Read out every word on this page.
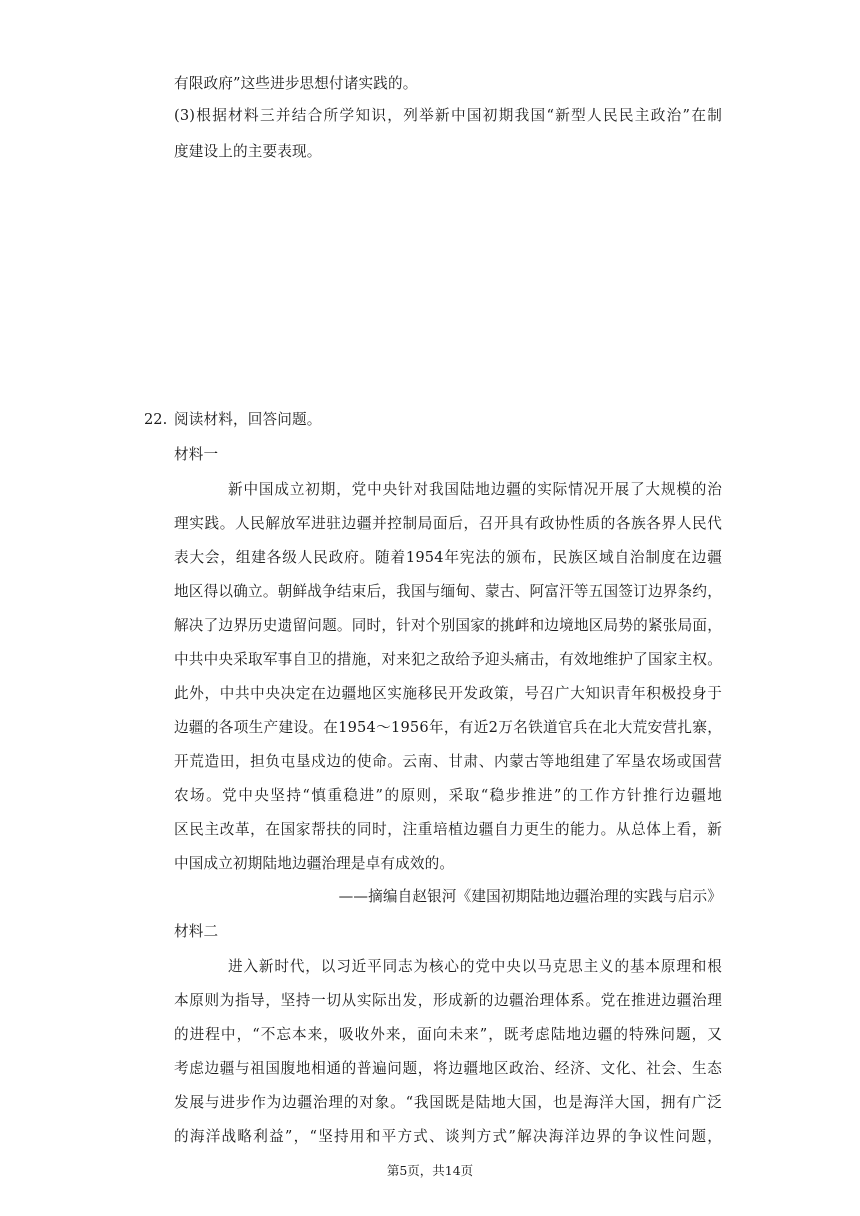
有限政府”这些进步思想付诸实践的。
(3)根据材料三并结合所学知识，列举新中国初期我国“新型人民民主政治”在制
度建设上的主要表现。
22. 阅读材料，回答问题。
材料一
新中国成立初期，党中央针对我国陆地边疆的实际情况开展了大规模的治
理实践。人民解放军进驻边疆并控制局面后，召开具有政协性质的各族各界人民代
表大会，组建各级人民政府。随着1954年宪法的颁布，民族区域自治制度在边疆
地区得以确立。朝鲜战争结束后，我国与缅甸、蒙古、阿富汗等五国签订边界条约，
解决了边界历史遗留问题。同时，针对个别国家的挑衅和边境地区局势的紧张局面，
中共中央采取军事自卫的措施，对来犯之敌给予迎头痛击，有效地维护了国家主权。
此外，中共中央决定在边疆地区实施移民开发政策，号召广大知识青年积极投身于
边疆的各项生产建设。在1954～1956年，有近2万名铁道官兵在北大荒安营扎寨，
开荒造田，担负屯垦戍边的使命。云南、甘肃、内蒙古等地组建了军垦农场或国营
农场。党中央坚持“慎重稳进”的原则，采取“稳步推进”的工作方针推行边疆地
区民主改革，在国家帮扶的同时，注重培植边疆自力更生的能力。从总体上看，新
中国成立初期陆地边疆治理是卓有成效的。
——摘编自赵银河《建国初期陆地边疆治理的实践与启示》
材料二
进入新时代，以习近平同志为核心的党中央以马克思主义的基本原理和根
本原则为指导，坚持一切从实际出发，形成新的边疆治理体系。党在推进边疆治理
的进程中，“不忘本来，吸收外来，面向未来”，既考虑陆地边疆的特殊问题，又
考虑边疆与祖国腹地相通的普遍问题，将边疆地区政治、经济、文化、社会、生态
发展与进步作为边疆治理的对象。“我国既是陆地大国，也是海洋大国，拥有广泛
的海洋战略利益”，“坚持用和平方式、谈判方式”解决海洋边界的争议性问题，
第5页，共14页
